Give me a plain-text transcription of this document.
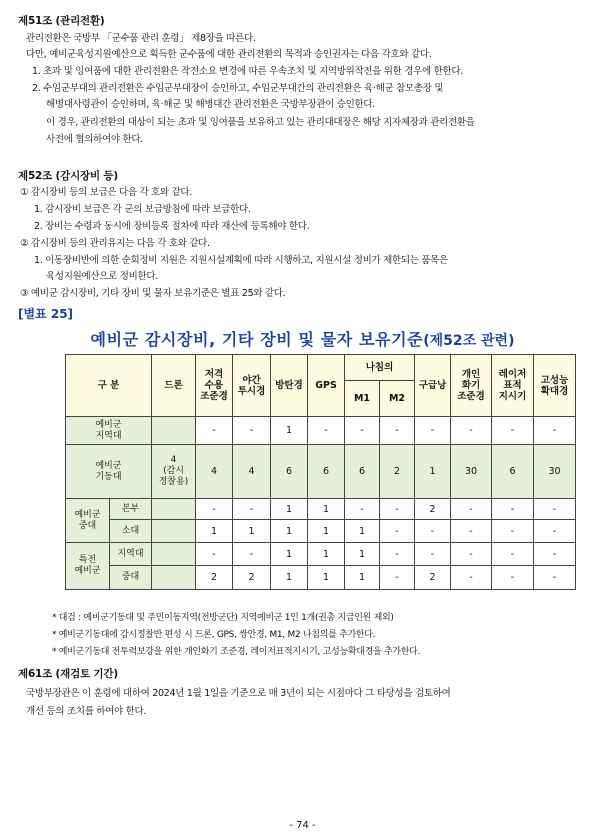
제51조 (관리전환)
관리전환은 국방부 「군수품 관리 훈령」 제8장을 따른다.
다만, 예비군육성지원예산으로 획득한 군수품에 대한 관리전환의 목적과 승인권자는 다음 각호와 같다.
1. 초과 및 잉여품에 대한 관리전환은 작전소요 변경에 따른 우속조치 및 지역방위작전을 위한 경우에 한한다.
2. 수임군부대의 관리전환은 수임군부대장이 승인하고, 수임군부대간의 관리전환은 육·해군 참모총장 및
해병대사령관이 승인하며, 육·해군 및 해병대간 관리전환은 국방부장관이 승인한다.
이 경우, 관리전환의 대상이 되는 초과 및 잉여품을 보유하고 있는 관리대대장은 해당 지자체장과 관리전환을
사전에 협의하여야 한다.
제52조 (감시장비 등)
① 감시장비 등의 보급은 다음 각 호와 같다.
1. 감시장비 보급은 각 군의 보급방침에 따라 보급한다.
2. 장비는 수령과 동시에 장비등록 절차에 따라 재산에 등록해야 한다.
② 감시장비 등의 관리유지는 다음 각 호와 같다.
1. 이동장비반에 의한 순회정비 지원은 지원시설계획에 따라 시행하고, 지원시설 정비가 제한되는 품목은
육성지원예산으로 정비한다.
③ 예비군 감시장비, 기타 장비 및 물자 보유기준은 별표 25와 같다.
[별표 25]
예비군 감시장비, 기타 장비 및 물자 보유기준(제52조 관련)
구 분		드론	저격
수용
조준경	야간
투시경	방탄경	GPS	나침의		구급낭	개인
화기
조준경	레이저
표적
지시기	고성능
확대경
							M1	M2				
예비군
지역대			-	-	1	-	-	-	-	-	-	-
예비군
기동대		4
(감시
정찰용)	4	4	6	6	6	2	1	30	6	30
예비군
중대	본부		-	-	1	1	-	-	2	-	-	-
	소대		1	1	1	1	1	-	-	-	-	-
특전
예비군	지역대		-	-	1	1	1	-	-	-	-	-
	중대		2	2	1	1	1	-	2	-	-	-
* 대검 : 예비군기동대 및 주민이동지역(전방군단) 지역예비군 1인 1개(권총 지급인원 제외)
* 예비군기동대에 감시정찰반 편성 시 드론, GPS, 쌍안경, M1, M2 나침의를 추가한다.
* 예비군기동대 전투력보강을 위한 개인화기 조준경, 레이저표적지시기, 고성능확대경을 추가한다.
제61조 (재검토 기간)
국방부장관은 이 훈령에 대하여 2024년 1월 1일을 기준으로 매 3년이 되는 시점마다 그 타당성을 검토하여
개선 등의 조치를 하여야 한다.
- 74 -
